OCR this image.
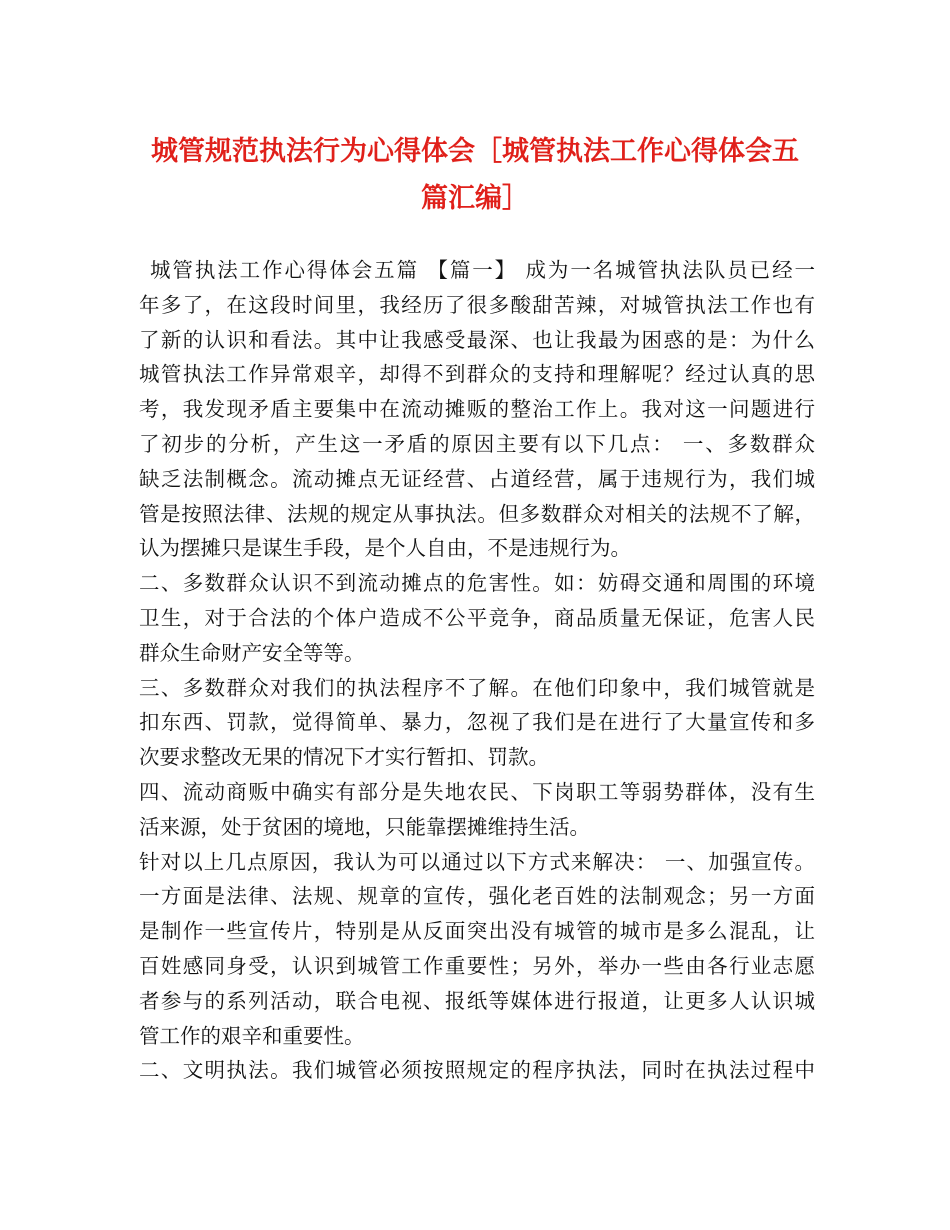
城管规范执法行为心得体会［城管执法工作心得体会五
篇汇编］
城管执法工作心得体会五篇 【篇一】 成为一名城管执法队员已经一
年多了，在这段时间里，我经历了很多酸甜苦辣，对城管执法工作也有
了新的认识和看法。其中让我感受最深、也让我最为困惑的是：为什么
城管执法工作异常艰辛，却得不到群众的支持和理解呢？经过认真的思
考，我发现矛盾主要集中在流动摊贩的整治工作上。我对这一问题进行
了初步的分析，产生这一矛盾的原因主要有以下几点： 一、多数群众
缺乏法制概念。流动摊点无证经营、占道经营，属于违规行为，我们城
管是按照法律、法规的规定从事执法。但多数群众对相关的法规不了解，
认为摆摊只是谋生手段，是个人自由，不是违规行为。
二、多数群众认识不到流动摊点的危害性。如：妨碍交通和周围的环境
卫生，对于合法的个体户造成不公平竞争，商品质量无保证，危害人民
群众生命财产安全等等。
三、多数群众对我们的执法程序不了解。在他们印象中，我们城管就是
扣东西、罚款，觉得简单、暴力，忽视了我们是在进行了大量宣传和多
次要求整改无果的情况下才实行暂扣、罚款。
四、流动商贩中确实有部分是失地农民、下岗职工等弱势群体，没有生
活来源，处于贫困的境地，只能靠摆摊维持生活。
针对以上几点原因，我认为可以通过以下方式来解决： 一、加强宣传。
一方面是法律、法规、规章的宣传，强化老百姓的法制观念；另一方面
是制作一些宣传片，特别是从反面突出没有城管的城市是多么混乱，让
百姓感同身受，认识到城管工作重要性；另外，举办一些由各行业志愿
者参与的系列活动，联合电视、报纸等媒体进行报道，让更多人认识城
管工作的艰辛和重要性。
二、文明执法。我们城管必须按照规定的程序执法，同时在执法过程中
